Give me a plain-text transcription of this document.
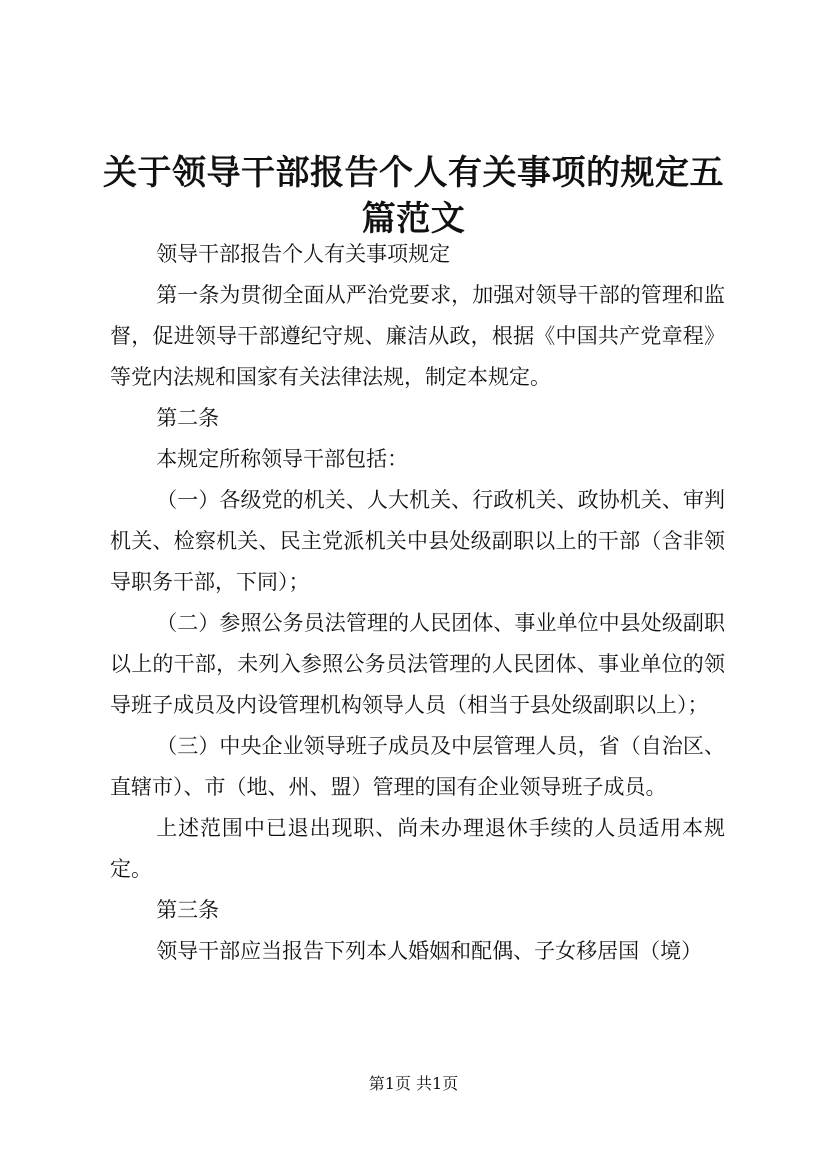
关于领导干部报告个人有关事项的规定五篇范文

领导干部报告个人有关事项规定

第一条为贯彻全面从严治党要求，加强对领导干部的管理和监督，促进领导干部遵纪守规、廉洁从政，根据《中国共产党章程》等党内法规和国家有关法律法规，制定本规定。

第二条

本规定所称领导干部包括：

（一）各级党的机关、人大机关、行政机关、政协机关、审判机关、检察机关、民主党派机关中县处级副职以上的干部（含非领导职务干部，下同）；

（二）参照公务员法管理的人民团体、事业单位中县处级副职以上的干部，未列入参照公务员法管理的人民团体、事业单位的领导班子成员及内设管理机构领导人员（相当于县处级副职以上）；

（三）中央企业领导班子成员及中层管理人员，省（自治区、直辖市）、市（地、州、盟）管理的国有企业领导班子成员。

上述范围中已退出现职、尚未办理退休手续的人员适用本规定。

第三条

领导干部应当报告下列本人婚姻和配偶、子女移居国（境）

第1页 共1页
